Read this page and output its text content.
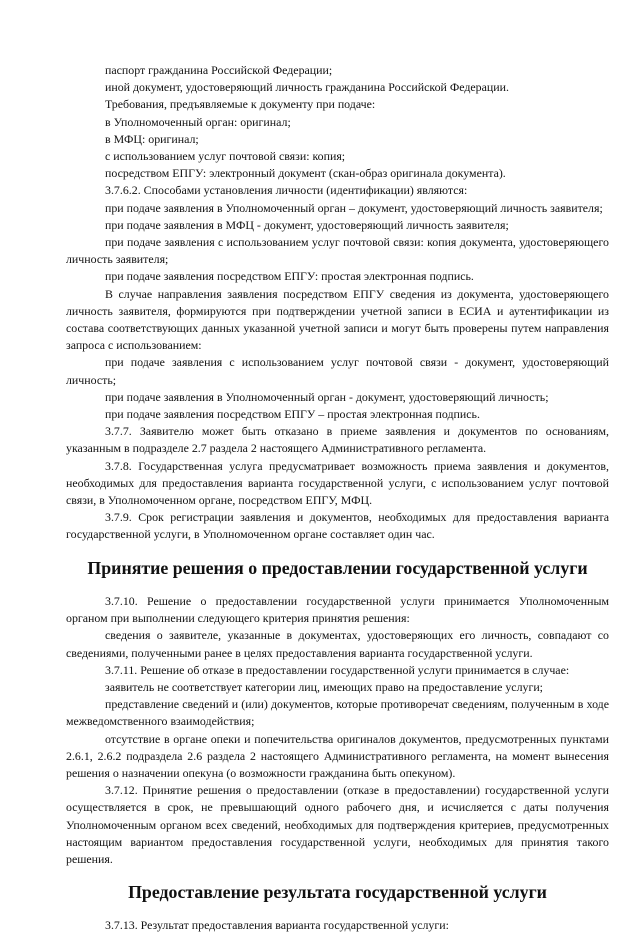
паспорт гражданина Российской Федерации;

иной документ, удостоверяющий личность гражданина Российской Федерации.

Требования, предъявляемые к документу при подаче:

в Уполномоченный орган: оригинал;

в МФЦ: оригинал;

с использованием услуг почтовой связи: копия;

посредством ЕПГУ: электронный документ (скан-образ оригинала документа).

3.7.6.2. Способами установления личности (идентификации) являются:

при подаче заявления в Уполномоченный орган – документ, удостоверяющий личность заявителя;

при подаче заявления в МФЦ - документ, удостоверяющий личность заявителя;

при подаче заявления с использованием услуг почтовой связи: копия документа, удостоверяющего личность заявителя;

при подаче заявления посредством ЕПГУ: простая электронная подпись.

В случае направления заявления посредством ЕПГУ сведения из документа, удостоверяющего личность заявителя, формируются при подтверждении учетной записи в ЕСИА и аутентификации из состава соответствующих данных указанной учетной записи и могут быть проверены путем направления запроса с использованием:

при подаче заявления с использованием услуг почтовой связи - документ, удостоверяющий личность;

при подаче заявления в Уполномоченный орган - документ, удостоверяющий личность;

при подаче заявления посредством ЕПГУ – простая электронная подпись.

3.7.7. Заявителю может быть отказано в приеме заявления и документов по основаниям, указанным в подразделе 2.7 раздела 2 настоящего Административного регламента.

3.7.8. Государственная услуга предусматривает возможность приема заявления и документов, необходимых для предоставления варианта государственной услуги, с использованием услуг почтовой связи, в Уполномоченном органе, посредством ЕПГУ, МФЦ.

3.7.9. Срок регистрации заявления и документов, необходимых для предоставления варианта государственной услуги, в Уполномоченном органе составляет один час.

Принятие решения о предоставлении государственной услуги

3.7.10. Решение о предоставлении государственной услуги принимается Уполномоченным органом при выполнении следующего критерия принятия решения:

сведения о заявителе, указанные в документах, удостоверяющих его личность, совпадают со сведениями, полученными ранее в целях предоставления варианта государственной услуги.

3.7.11. Решение об отказе в предоставлении государственной услуги принимается в случае:

заявитель не соответствует категории лиц, имеющих право на предоставление услуги;

представление сведений и (или) документов, которые противоречат сведениям, полученным в ходе межведомственного взаимодействия;

отсутствие в органе опеки и попечительства оригиналов документов, предусмотренных пунктами 2.6.1, 2.6.2 подраздела 2.6 раздела 2 настоящего Административного регламента, на момент вынесения решения о назначении опекуна (о возможности гражданина быть опекуном).

3.7.12. Принятие решения о предоставлении (отказе в предоставлении) государственной услуги осуществляется в срок, не превышающий одного рабочего дня, и исчисляется с даты получения Уполномоченным органом всех сведений, необходимых для подтверждения критериев, предусмотренных настоящим вариантом предоставления государственной услуги, необходимых для принятия такого решения.

Предоставление результата государственной услуги

3.7.13. Результат предоставления варианта государственной услуги:
